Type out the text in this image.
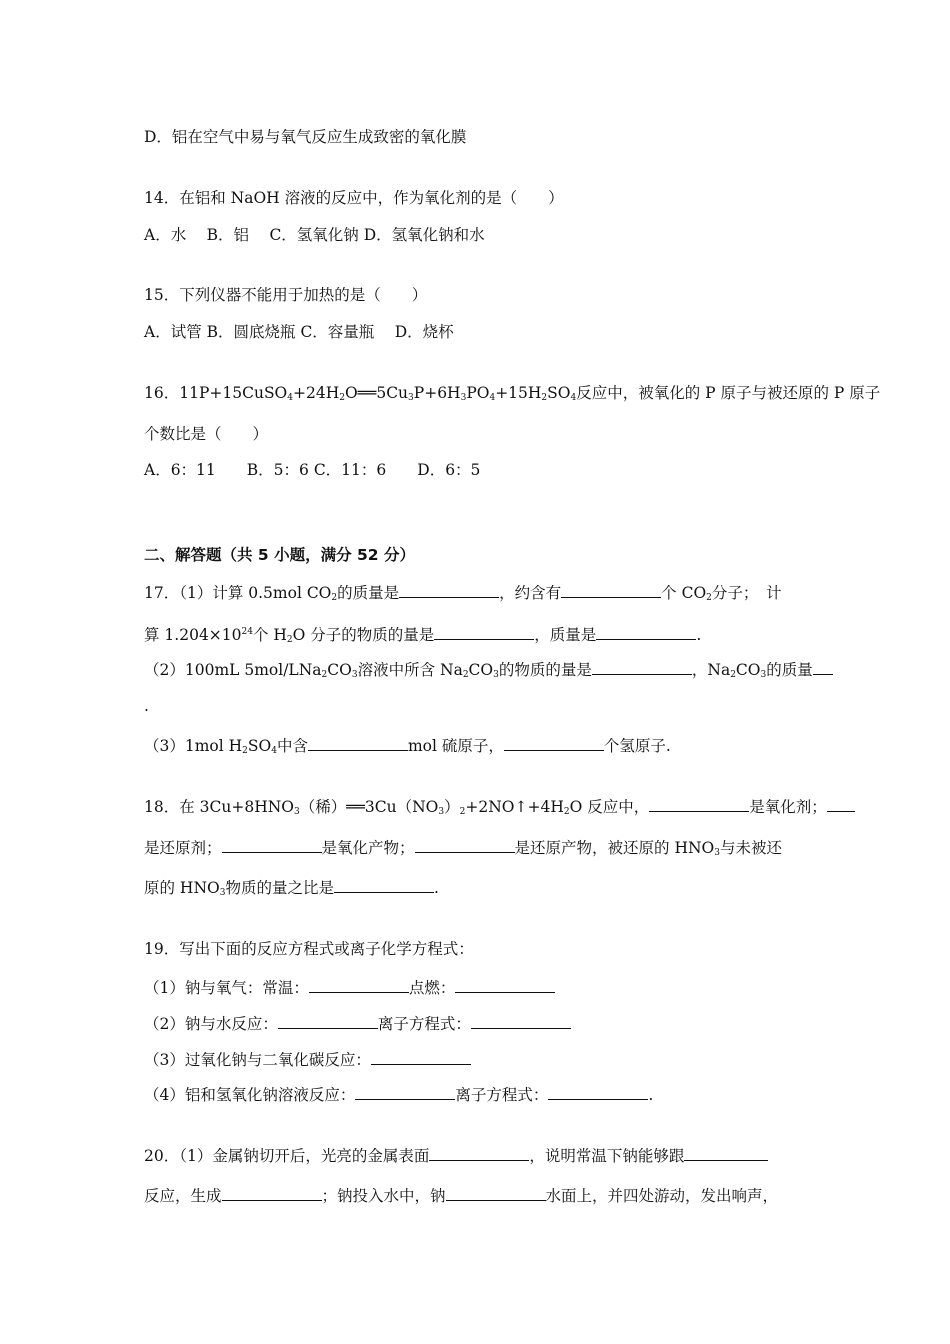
D．铝在空气中易与氧气反应生成致密的氧化膜
14．在铝和 NaOH 溶液的反应中，作为氧化剂的是（　　）
A．水　 B．铝　 C．氢氧化钠 D．氢氧化钠和水
15．下列仪器不能用于加热的是（　　）
A．试管 B．圆底烧瓶 C．容量瓶　 D．烧杯
16．$11P+15CuSO_4+24H_2O══5Cu_3P+6H_3PO_4+15H_2SO_4$反应中，被氧化的 P 原子与被还原的 P 原子
个数比是（　　）
A．6：11　　B．5：6 C．11：6　　D．6：5
二、解答题（共 5 小题，满分 52 分）
17．（1）计算 0.5mol $CO_2$的质量是	，约含有	个 $CO_2$分子；　计
算 $1.204\times 10^{24}$个 $H_2O$ 分子的物质的量是	，质量是	.
（2）100mL $5mol/LNa_2CO_3$溶液中所含 $Na_2CO_3$的物质的量是	，$Na_2CO_3$的质量
.
（3）1mol $H_2SO_4$中含	mol 硫原子，	个氢原子.
18．在 $3Cu+8HNO_3$（稀）$══3Cu(NO_3)_2+2NO↑+4H_2O$ 反应中，	是氧化剂；
是还原剂；	是氧化产物；	是还原产物，被还原的 $HNO_3$与未被还
原的 $HNO_3$物质的量之比是	.
19．写出下面的反应方程式或离子化学方程式：
（1）钠与氧气：常温：	点燃：
（2）钠与水反应：	离子方程式：
（3）过氧化钠与二氧化碳反应：
（4）铝和氢氧化钠溶液反应：	离子方程式：	.
20．（1）金属钠切开后，光亮的金属表面	，说明常温下钠能够跟
反应，生成	；钠投入水中，钠	水面上，并四处游动，发出响声，
